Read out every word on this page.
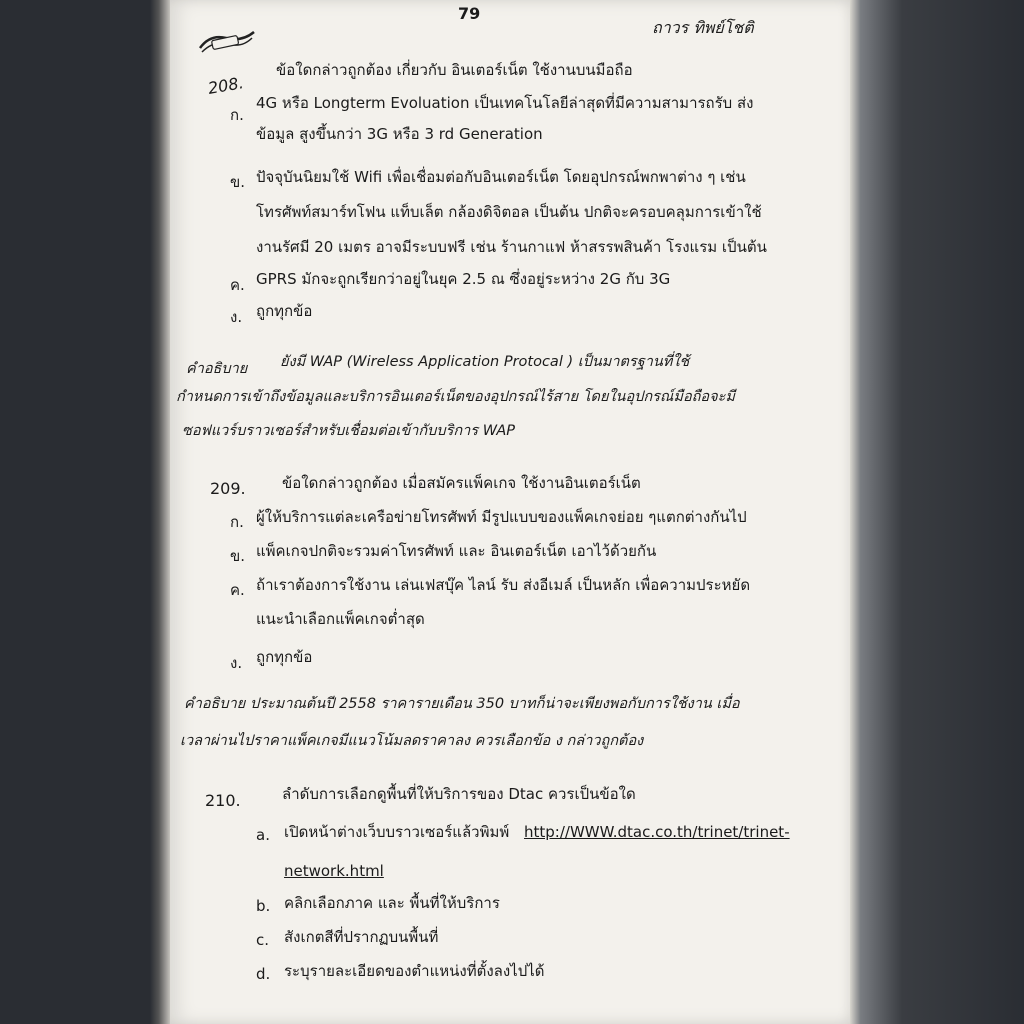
79
ถาวร ทิพย์โชติ
208.
ข้อใดกล่าวถูกต้อง เกี่ยวกับ อินเตอร์เน็ต ใช้งานบนมือถือ
ก.
4G หรือ Longterm Evoluation เป็นเทคโนโลยีล่าสุดที่มีความสามารถรับ ส่ง
ข้อมูล สูงขึ้นกว่า 3G หรือ 3 rd Generation
ข. ปัจจุบันนิยมใช้ Wifi เพื่อเชื่อมต่อกับอินเตอร์เน็ต โดยอุปกรณ์พกพาต่าง ๆ เช่น
โทรศัพท์สมาร์ทโฟน แท็บเล็ต กล้องดิจิตอล เป็นต้น ปกติจะครอบคลุมการเข้าใช้
งานรัศมี 20 เมตร อาจมีระบบฟรี เช่น ร้านกาแฟ ห้าสรรพสินค้า โรงแรม เป็นต้น
ค. GPRS มักจะถูกเรียกว่าอยู่ในยุค 2.5 ณ ซึ่งอยู่ระหว่าง 2G กับ 3G
ง. ถูกทุกข้อ
คำอธิบาย ยังมี WAP (Wireless Application Protocal ) เป็นมาตรฐานที่ใช้
กำหนดการเข้าถึงข้อมูลและบริการอินเตอร์เน็ตของอุปกรณ์ไร้สาย โดยในอุปกรณ์มือถือจะมี
ซอฟแวร์บราวเซอร์สำหรับเชื่อมต่อเข้ากับบริการ WAP
209. ข้อใดกล่าวถูกต้อง เมื่อสมัครแพ็คเกจ ใช้งานอินเตอร์เน็ต
ก. ผู้ให้บริการแต่ละเครือข่ายโทรศัพท์ มีรูปแบบของแพ็คเกจย่อย ๆแตกต่างกันไป
ข. แพ็คเกจปกติจะรวมค่าโทรศัพท์ และ อินเตอร์เน็ต เอาไว้ด้วยกัน
ค. ถ้าเราต้องการใช้งาน เล่นเฟสบุ๊ค ไลน์ รับ ส่งอีเมล์ เป็นหลัก เพื่อความประหยัด
แนะนำเลือกแพ็คเกจต่ำสุด
ง. ถูกทุกข้อ
คำอธิบาย ประมาณต้นปี 2558 ราคารายเดือน 350 บาทก็น่าจะเพียงพอกับการใช้งาน เมื่อ
เวลาผ่านไปราคาแพ็คเกจมีแนวโน้มลดราคาลง ควรเลือกข้อ ง กล่าวถูกต้อง
210.	ลำดับการเลือกดูพื้นที่ให้บริการของ Dtac ควรเป็นข้อใด
a. เปิดหน้าต่างเว็บบราวเซอร์แล้วพิมพ์ http://WWW.dtac.co.th/trinet/trinet-
network.html
b. คลิกเลือกภาค และ พื้นที่ให้บริการ
c. สังเกตสีที่ปรากฏบนพื้นที่
d. ระบุรายละเอียดของตำแหน่งที่ตั้งลงไปได้
